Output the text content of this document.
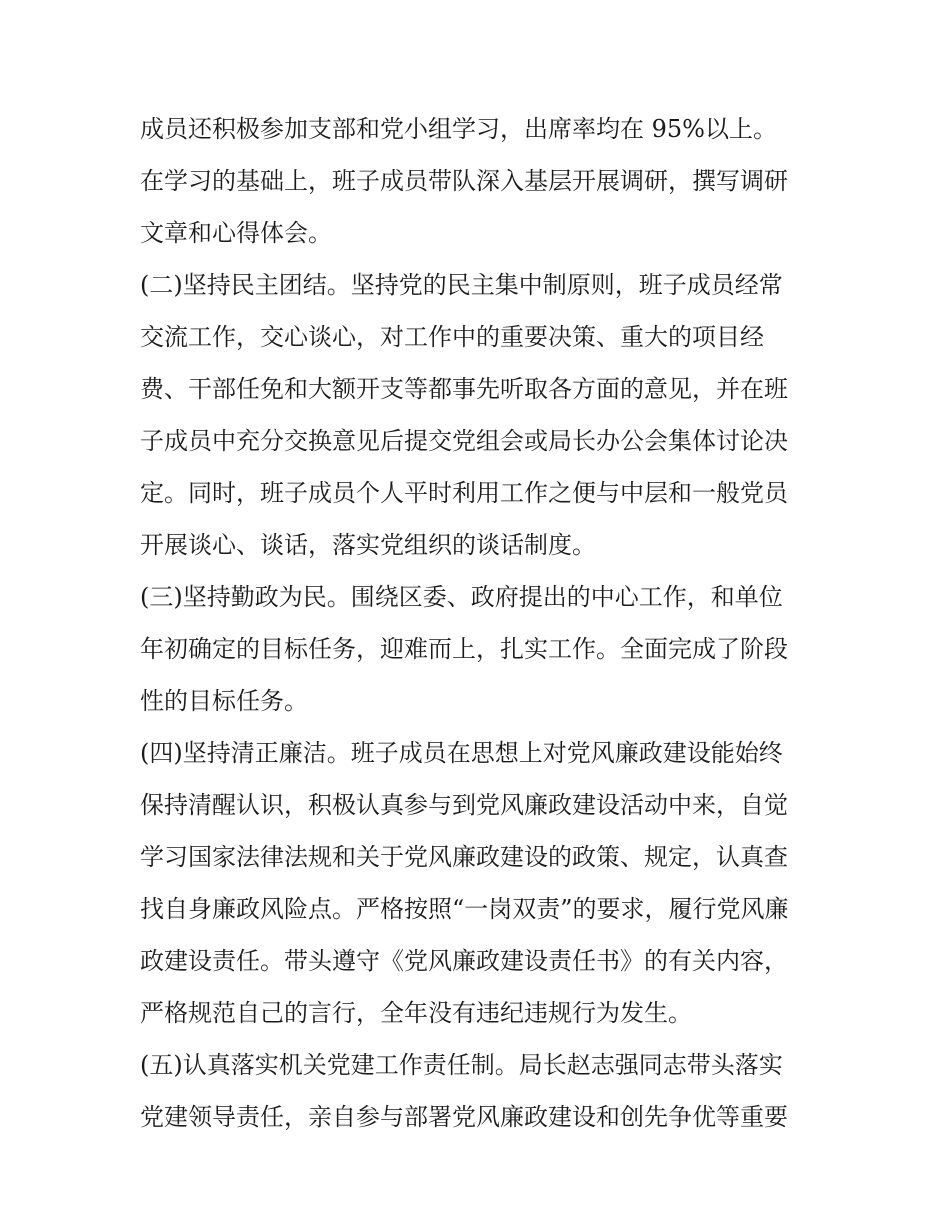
成员还积极参加支部和党小组学习，出席率均在 95%以上。
在学习的基础上，班子成员带队深入基层开展调研，撰写调研
文章和心得体会。
(二)坚持民主团结。坚持党的民主集中制原则，班子成员经常
交流工作，交心谈心，对工作中的重要决策、重大的项目经
费、干部任免和大额开支等都事先听取各方面的意见，并在班
子成员中充分交换意见后提交党组会或局长办公会集体讨论决
定。同时，班子成员个人平时利用工作之便与中层和一般党员
开展谈心、谈话，落实党组织的谈话制度。
(三)坚持勤政为民。围绕区委、政府提出的中心工作，和单位
年初确定的目标任务，迎难而上，扎实工作。全面完成了阶段
性的目标任务。
(四)坚持清正廉洁。班子成员在思想上对党风廉政建设能始终
保持清醒认识，积极认真参与到党风廉政建设活动中来，自觉
学习国家法律法规和关于党风廉政建设的政策、规定，认真查
找自身廉政风险点。严格按照“一岗双责”的要求，履行党风廉
政建设责任。带头遵守《党风廉政建设责任书》的有关内容，
严格规范自己的言行，全年没有违纪违规行为发生。
(五)认真落实机关党建工作责任制。局长赵志强同志带头落实
党建领导责任，亲自参与部署党风廉政建设和创先争优等重要
